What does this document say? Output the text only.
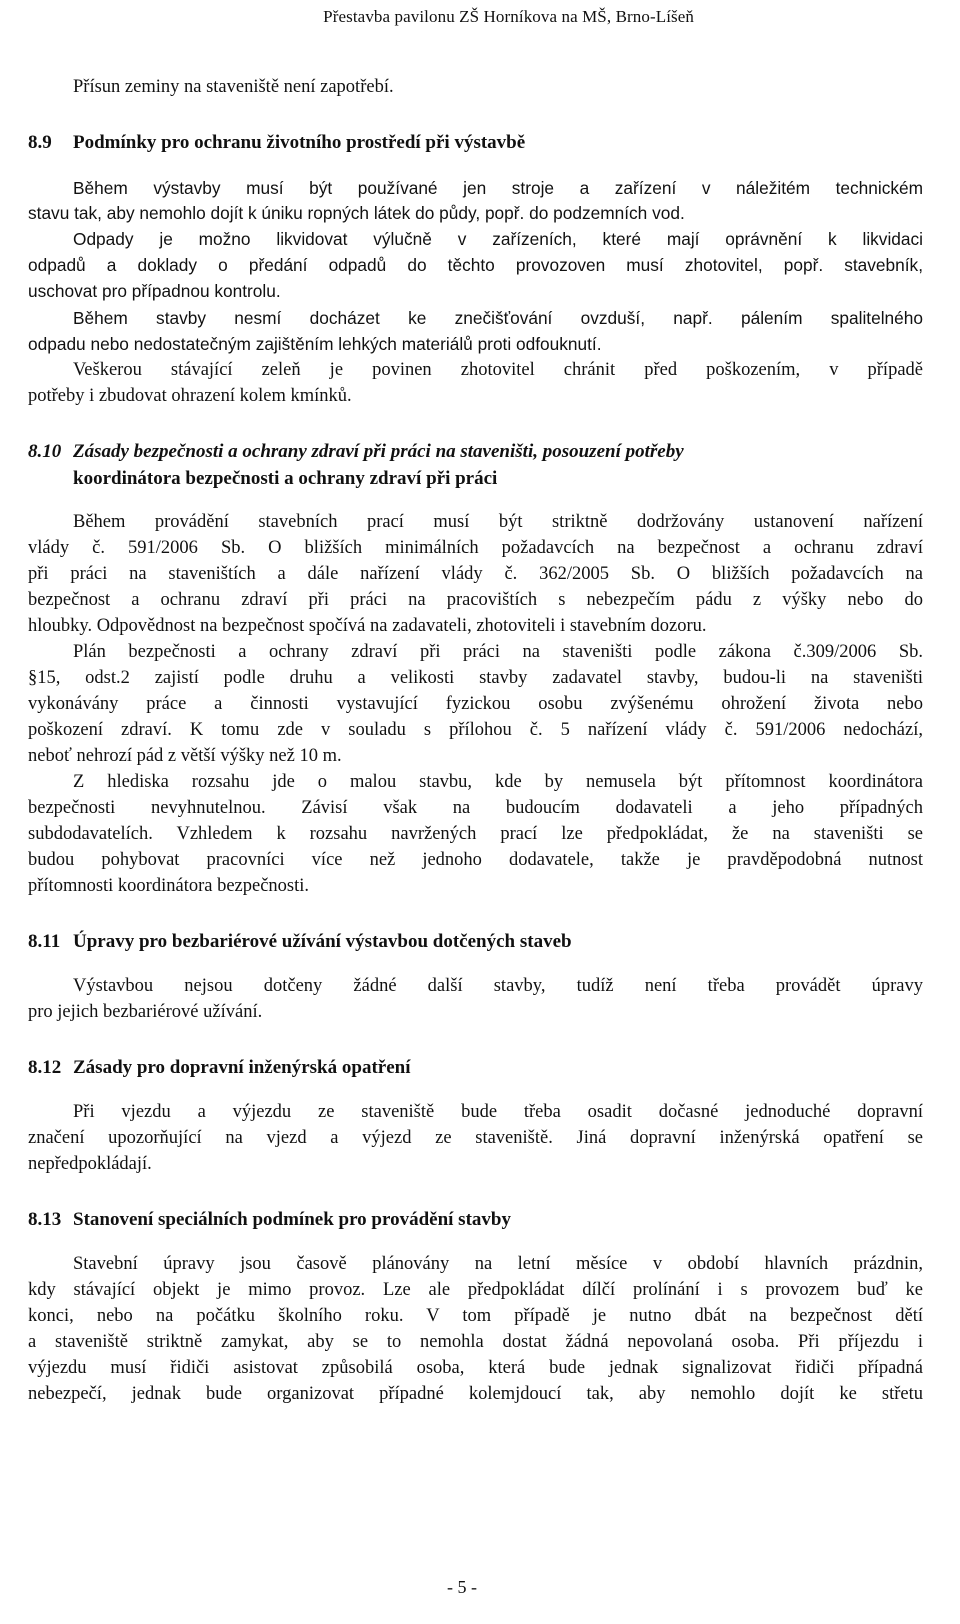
Přestavba pavilonu ZŠ Horníkova na MŠ, Brno-Líšeň
Přísun zeminy na staveniště není zapotřebí.
8.9 Podmínky pro ochranu životního prostředí při výstavbě
Během výstavby musí být používané jen stroje a zařízení v náležitém technickém
stavu tak, aby nemohlo dojít k úniku ropných látek do půdy, popř. do podzemních vod.
Odpady je možno likvidovat výlučně v zařízeních, které mají oprávnění k likvidaci
odpadů a doklady o předání odpadů do těchto provozoven musí zhotovitel, popř. stavebník,
uschovat pro případnou kontrolu.
Během stavby nesmí docházet ke znečišťování ovzduší, např. pálením spalitelného
odpadu nebo nedostatečným zajištěním lehkých materiálů proti odfouknutí.
Veškerou stávající zeleň je povinen zhotovitel chránit před poškozením, v případě
potřeby i zbudovat ohrazení kolem kmínků.
8.10 Zásady bezpečnosti a ochrany zdraví při práci na staveništi, posouzení potřeby
koordinátora bezpečnosti a ochrany zdraví při práci
Během provádění stavebních prací musí být striktně dodržovány ustanovení nařízení
vlády č. 591/2006 Sb. O bližších minimálních požadavcích na bezpečnost a ochranu zdraví
při práci na staveništích a dále nařízení vlády č. 362/2005 Sb. O bližších požadavcích na
bezpečnost a ochranu zdraví při práci na pracovištích s nebezpečím pádu z výšky nebo do
hloubky. Odpovědnost na bezpečnost spočívá na zadavateli, zhotoviteli i stavebním dozoru.
Plán bezpečnosti a ochrany zdraví při práci na staveništi podle zákona č.309/2006 Sb.
§15, odst.2 zajistí podle druhu a velikosti stavby zadavatel stavby, budou-li na staveništi
vykonávány práce a činnosti vystavující fyzickou osobu zvýšenému ohrožení života nebo
poškození zdraví. K tomu zde v souladu s přílohou č. 5 nařízení vlády č. 591/2006 nedochází,
neboť nehrozí pád z větší výšky než 10 m.
Z hlediska rozsahu jde o malou stavbu, kde by nemusela být přítomnost koordinátora
bezpečnosti nevyhnutelnou. Závisí však na budoucím dodavateli a jeho případných
subdodavatelích. Vzhledem k rozsahu navržených prací lze předpokládat, že na staveništi se
budou pohybovat pracovníci více než jednoho dodavatele, takže je pravděpodobná nutnost
přítomnosti koordinátora bezpečnosti.
8.11 Úpravy pro bezbariérové užívání výstavbou dotčených staveb
Výstavbou nejsou dotčeny žádné další stavby, tudíž není třeba provádět úpravy
pro jejich bezbariérové užívání.
8.12 Zásady pro dopravní inženýrská opatření
Při vjezdu a výjezdu ze staveniště bude třeba osadit dočasné jednoduché dopravní
značení upozorňující na vjezd a výjezd ze staveniště. Jiná dopravní inženýrská opatření se
nepředpokládají.
8.13 Stanovení speciálních podmínek pro provádění stavby
Stavební úpravy jsou časově plánovány na letní měsíce v období hlavních prázdnin,
kdy stávající objekt je mimo provoz. Lze ale předpokládat dílčí prolínání i s provozem buď ke
konci, nebo na počátku školního roku. V tom případě je nutno dbát na bezpečnost dětí
a staveniště striktně zamykat, aby se to nemohla dostat žádná nepovolaná osoba. Při příjezdu i
výjezdu musí řidiči asistovat způsobilá osoba, která bude jednak signalizovat řidiči případná
nebezpečí, jednak bude organizovat případné kolemjdoucí tak, aby nemohlo dojít ke střetu
- 5 -
